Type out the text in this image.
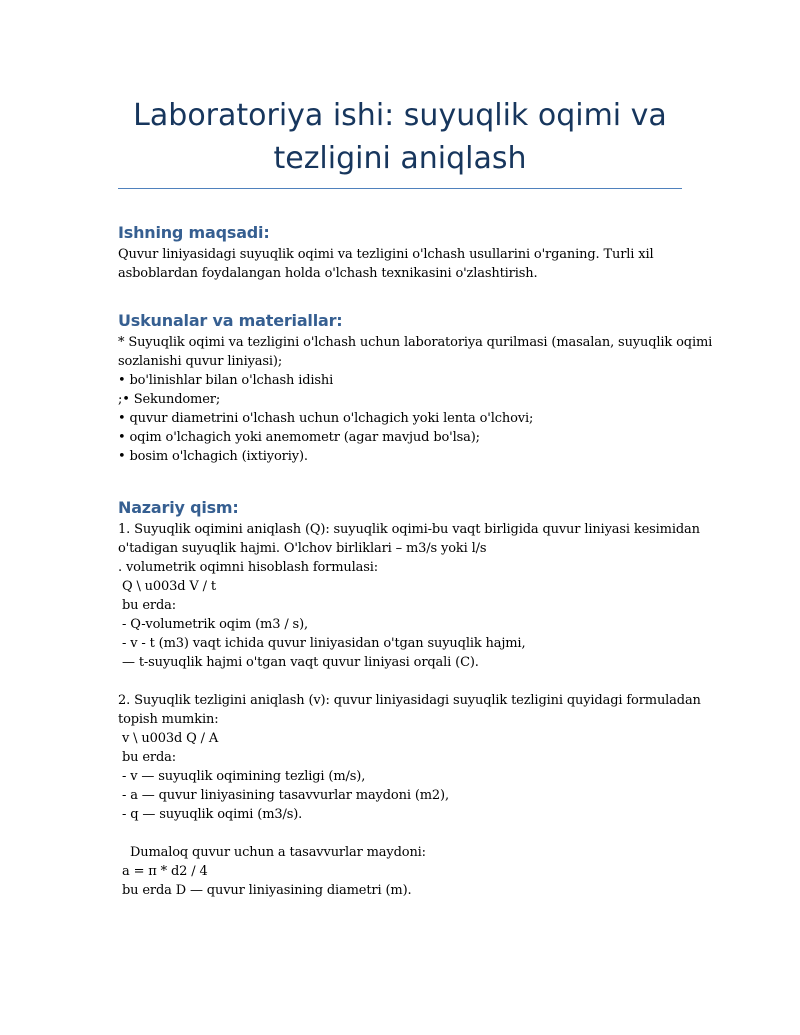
Laboratoriya ishi: suyuqlik oqimi va tezligini aniqlash
Ishning maqsadi:

Quvur liniyasidagi suyuqlik oqimi va tezligini o'lchash usullarini o'rganing. Turli xil
asboblardan foydalangan holda o'lchash texnikasini o'zlashtirish.

Uskunalar va materiallar:

* Suyuqlik oqimi va tezligini o'lchash uchun laboratoriya qurilmasi (masalan, suyuqlik oqimi
sozlanishi quvur liniyasi);
• bo'linishlar bilan o'lchash idishi
;• Sekundomer;
• quvur diametrini o'lchash uchun o'lchagich yoki lenta o'lchovi;
• oqim o'lchagich yoki anemometr (agar mavjud bo'lsa);
• bosim o'lchagich (ixtiyoriy).

Nazariy qism:

1. Suyuqlik oqimini aniqlash (Q): suyuqlik oqimi-bu vaqt birligida quvur liniyasi kesimidan
o'tadigan suyuqlik hajmi. O'lchov birliklari – m3/s yoki l/s
. volumetrik oqimni hisoblash formulasi:
Q \ u003d V / t
bu erda:
- Q-volumetrik oqim (m3 / s),
- v - t (m3) vaqt ichida quvur liniyasidan o'tgan suyuqlik hajmi,
— t-suyuqlik hajmi o'tgan vaqt quvur liniyasi orqali (C).
2. Suyuqlik tezligini aniqlash (v): quvur liniyasidagi suyuqlik tezligini quyidagi formuladan
topish mumkin:
v \ u003d Q / A
bu erda:
- v — suyuqlik oqimining tezligi (m/s),
- a — quvur liniyasining tasavvurlar maydoni (m2),
- q — suyuqlik oqimi (m3/s).
Dumaloq quvur uchun a tasavvurlar maydoni:
a = π * d2 / 4
bu erda D — quvur liniyasining diametri (m).
